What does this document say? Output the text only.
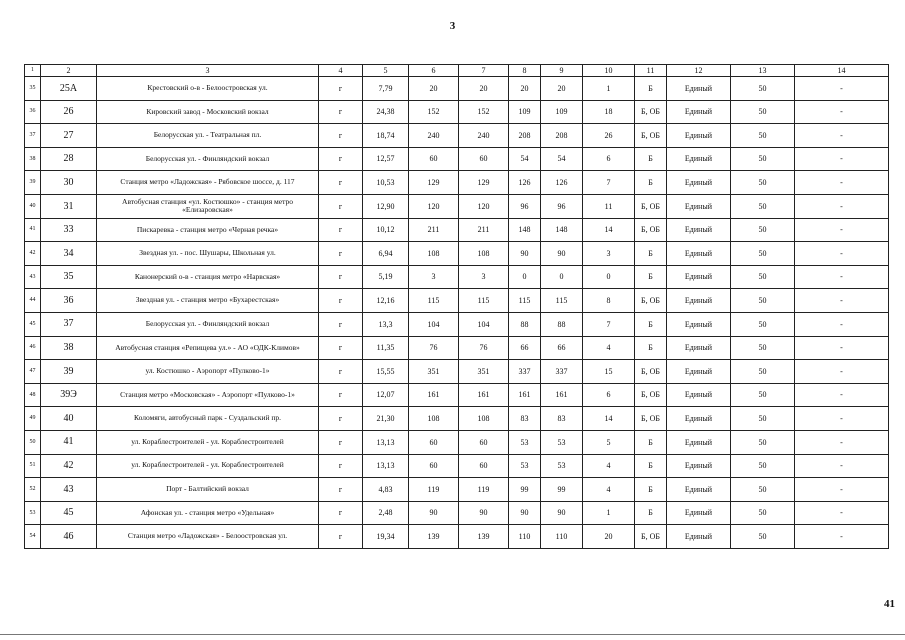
3
1	2	3	4	5	6	7	8	9	10	11	12	13	14
35	25А	Крестовский о-в - Белоостровская ул.	г	7,79	20	20	20	20	1	Б	Единый	50	-
36	26	Кировский завод - Московский вокзал	г	24,38	152	152	109	109	18	Б, ОБ	Единый	50	-
37	27	Белорусская ул. - Театральная пл.	г	18,74	240	240	208	208	26	Б, ОБ	Единый	50	-
38	28	Белорусская ул. - Финляндский вокзал	г	12,57	60	60	54	54	6	Б	Единый	50	-
39	30	Станция метро «Ладожская» - Рябовское шоссе, д. 117	г	10,53	129	129	126	126	7	Б	Единый	50	-
40	31	Автобусная станция «ул. Костюшко» - станция метро «Елизаровская»	г	12,90	120	120	96	96	11	Б, ОБ	Единый	50	-
41	33	Пискаревка - станция метро «Черная речка»	г	10,12	211	211	148	148	14	Б, ОБ	Единый	50	-
42	34	Звездная ул. - пос. Шушары, Школьная ул.	г	6,94	108	108	90	90	3	Б	Единый	50	-
43	35	Канонерский о-в - станция метро «Нарвская»	г	5,19	3	3	0	0	0	Б	Единый	50	-
44	36	Звездная ул. - станция метро «Бухарестская»	г	12,16	115	115	115	115	8	Б, ОБ	Единый	50	-
45	37	Белорусская ул. - Финляндский вокзал	г	13,3	104	104	88	88	7	Б	Единый	50	-
46	38	Автобусная станция «Репищева ул.» - АО «ОДК-Климов»	г	11,35	76	76	66	66	4	Б	Единый	50	-
47	39	ул. Костюшко - Аэропорт «Пулково-1»	г	15,55	351	351	337	337	15	Б, ОБ	Единый	50	-
48	39Э	Станция метро «Московская» - Аэропорт «Пулково-1»	г	12,07	161	161	161	161	6	Б, ОБ	Единый	50	-
49	40	Коломяги, автобусный парк - Суздальский пр.	г	21,30	108	108	83	83	14	Б, ОБ	Единый	50	-
50	41	ул. Кораблестроителей - ул. Кораблестроителей	г	13,13	60	60	53	53	5	Б	Единый	50	-
51	42	ул. Кораблестроителей - ул. Кораблестроителей	г	13,13	60	60	53	53	4	Б	Единый	50	-
52	43	Порт - Балтийский вокзал	г	4,83	119	119	99	99	4	Б	Единый	50	-
53	45	Афонская ул. - станция метро «Удельная»	г	2,48	90	90	90	90	1	Б	Единый	50	-
54	46	Станция метро «Ладожская» - Белоостровская ул.	г	19,34	139	139	110	110	20	Б, ОБ	Единый	50	-
41
